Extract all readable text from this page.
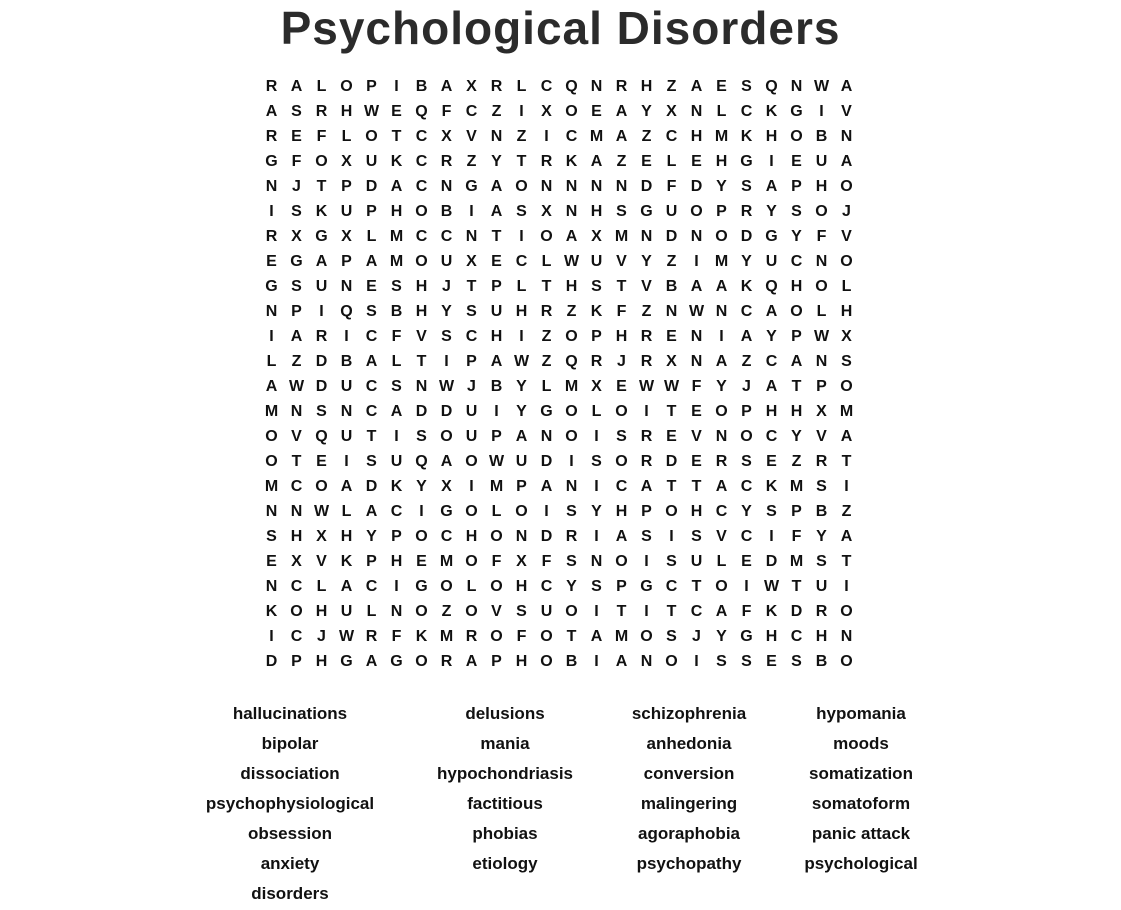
Psychological Disorders
R A L O P	I	B A X R L C Q N R H Z A E S Q N W A
A S R H W E Q F C Z	I	X O E A Y X N L C K G	I	V
R E F L O T C X V N Z	I	C M A Z C H M K H O B N
G F O X U K C R Z Y T R K A Z E L E H G	I	E U A
N J T P D A C N G A O N N N N D F D Y S A P H O
I	S K U P H O B	I	A S X N H S G U O P R Y S O J
R X G X L M C C N T	I	O A X M N D N O D G Y F V
E G A P A M O U X E C L W U V Y Z	I	M Y U C N O
G S U N E S H J T P L T H S T V B A A K Q H O L
N P	I	Q S B H Y S U H R Z K F Z N W N C A O L H
I	A R	I	C F V S C H	I	Z O P H R E N	I	A Y P W X
L Z D B A L T	I	P A W Z Q R J R X N A Z C A N S
A W D U C S N W J B Y L M X E W W F Y J A T P O
M N S N C A D D U	I	Y G O L O	I	T E O P H H X M
O V Q U T	I	S O U P A N O	I	S R E V N O C Y V A
O T E	I	S U Q A O W U D	I	S O R D E R S E Z R T
M C O A D K Y X	I	M P A N	I	C A T T A C K M S	I
N N W L A C	I	G O L O	I	S Y H P O H C Y S P B Z
S H X H Y P O C H O N D R	I	A S	I	S V C	I	F Y A
E X V K P H E M O F X F S N O	I	S U L E D M S T
N C L A C	I	G O L O H C Y S P G C T O	I W T U	I
K O H U L N O Z O V S U O	I	T	I	T C A F K D R O
I	C J W R F K M R O F O T A M O S J Y G H C H N
D P H G A G O R A P H O B	I	A N O	I	S S E S B O
hallucinations
bipolar
dissociation
psychophysiological
obsession
anxiety
disorders
delusions
mania
hypochondriasis
factitious
phobias
etiology
schizophrenia
anhedonia
conversion
malingering
agoraphobia
psychopathy
hypomania
moods
somatization
somatoform
panic attack
psychological
